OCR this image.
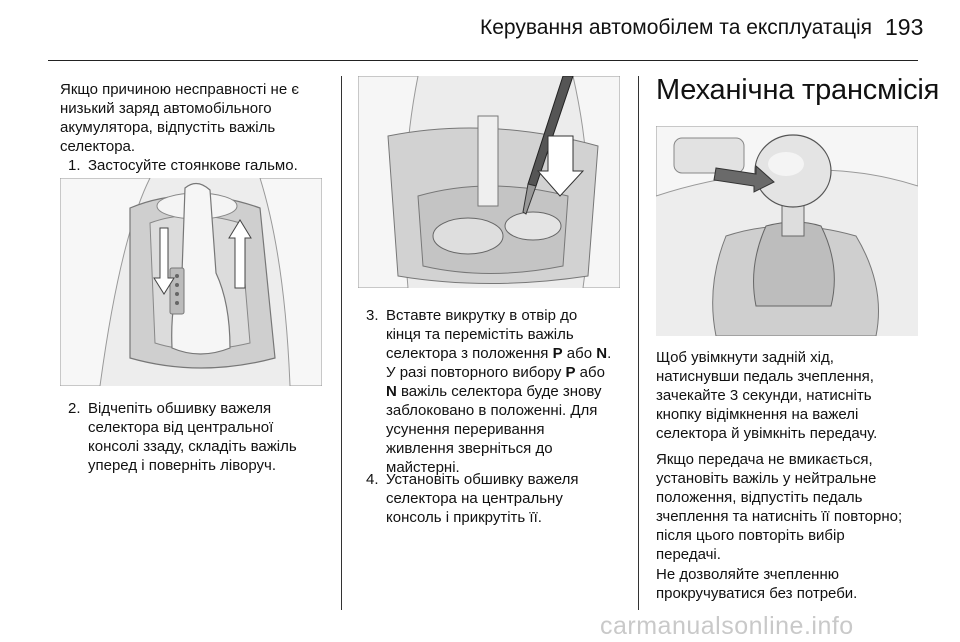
Керування автомобілем та експлуатація 193
Якщо причиною несправності не є
низький заряд автомобільного
акумулятора, відпустіть важіль
селектора.
1. Застосуйте стоянкове гальмо.
2. Відчепіть обшивку важеля
селектора від центральної
консолі ззаду, складіть важіль
уперед і поверніть ліворуч.
3. Вставте викрутку в отвір до
кінця та перемістіть важіль
селектора з положення P або N.
У разі повторного вибору P або
N важіль селектора буде знову
заблоковано в положенні. Для
усунення переривання
живлення зверніться до
майстерні.
4. Установіть обшивку важеля
селектора на центральну
консоль і прикрутіть її.
Механічна трансмісія
Щоб увімкнути задній хід,
натиснувши педаль зчеплення,
зачекайте 3 секунди, натисніть
кнопку відімкнення на важелі
селектора й увімкніть передачу.
Якщо передача не вмикається,
установіть важіль у нейтральне
положення, відпустіть педаль
зчеплення та натисніть її повторно;
після цього повторіть вибір
передачі.
Не дозволяйте зчепленню
прокручуватися без потреби.
carmanualsonline.info
